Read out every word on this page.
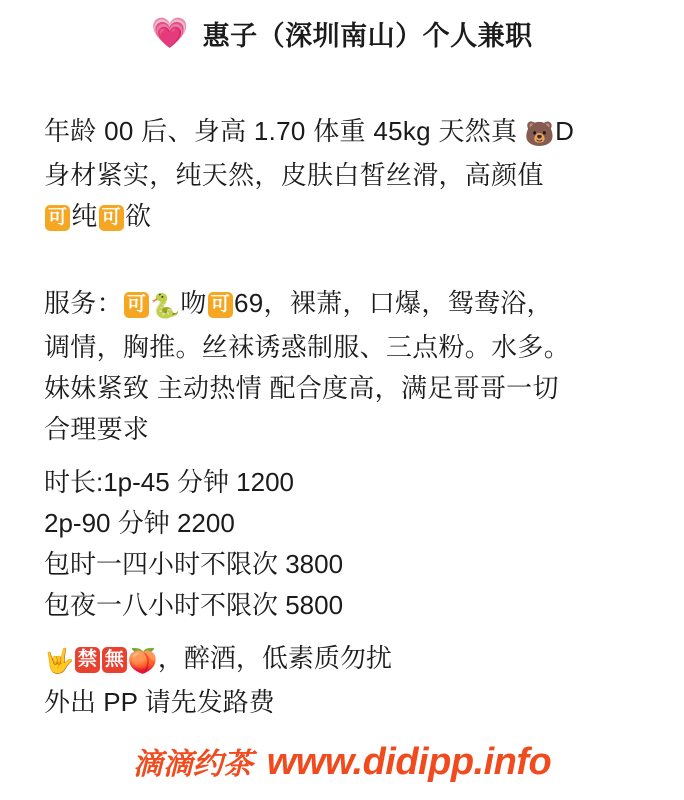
💗 惠子（深圳南山）个人兼职
年龄 00 后、身高 1.70 体重 45kg 天然真 🐻D
身材紧实，纯天然，皮肤白皙丝滑，高颜值
可 纯 可 欲
服务： 可 🐍吻 可 69，裸萧，口爆，鸳鸯浴，
调情，胸推。丝袜诱惑制服、三点粉。水多。
妹妹紧致 主动热情 配合度高，满足哥哥一切
合理要求
时长:1p-45 分钟 1200
2p-90 分钟 2200
包时一四小时不限次 3800
包夜一八小时不限次 5800
🤟 禁 無 🍑，醉酒，低素质勿扰
外出 PP 请先发路费
滴滴约茶 www.didipp.info
